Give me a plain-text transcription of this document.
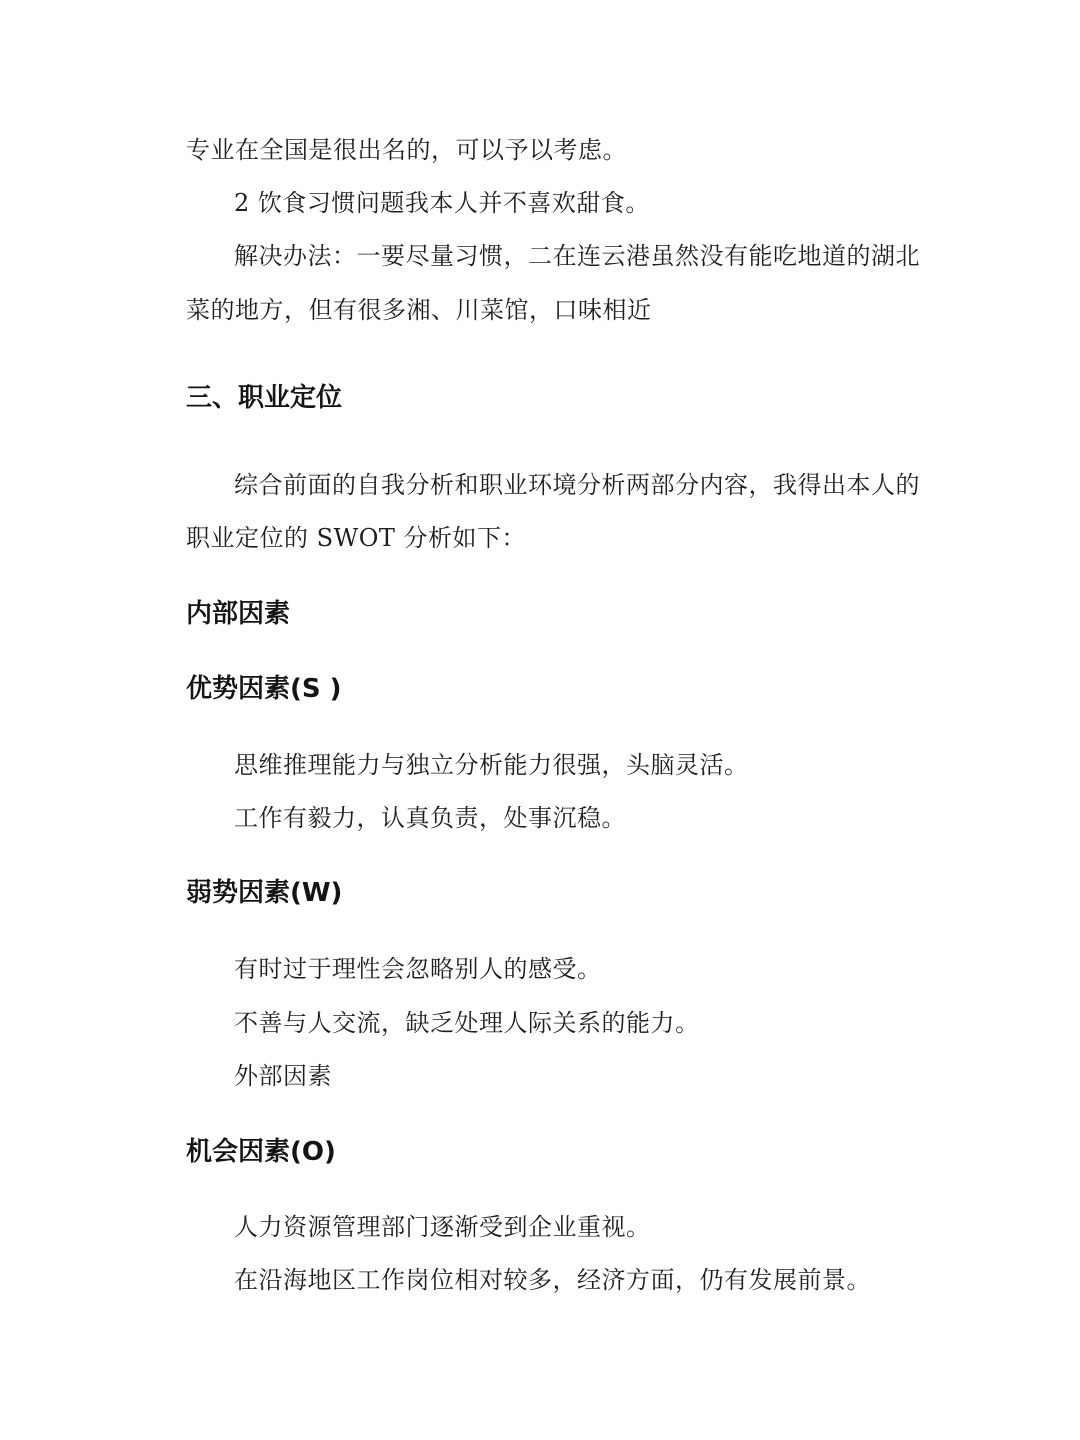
专业在全国是很出名的，可以予以考虑。

2 饮食习惯问题我本人并不喜欢甜食。

解决办法：一要尽量习惯，二在连云港虽然没有能吃地道的湖北

菜的地方，但有很多湘、川菜馆，口味相近

三、职业定位

综合前面的自我分析和职业环境分析两部分内容，我得出本人的

职业定位的 SWOT 分析如下：

内部因素
优势因素(S )

思维推理能力与独立分析能力很强，头脑灵活。

工作有毅力，认真负责，处事沉稳。

弱势因素(W)

有时过于理性会忽略别人的感受。

不善与人交流，缺乏处理人际关系的能力。

外部因素

机会因素(O)

人力资源管理部门逐渐受到企业重视。

在沿海地区工作岗位相对较多，经济方面，仍有发展前景。
